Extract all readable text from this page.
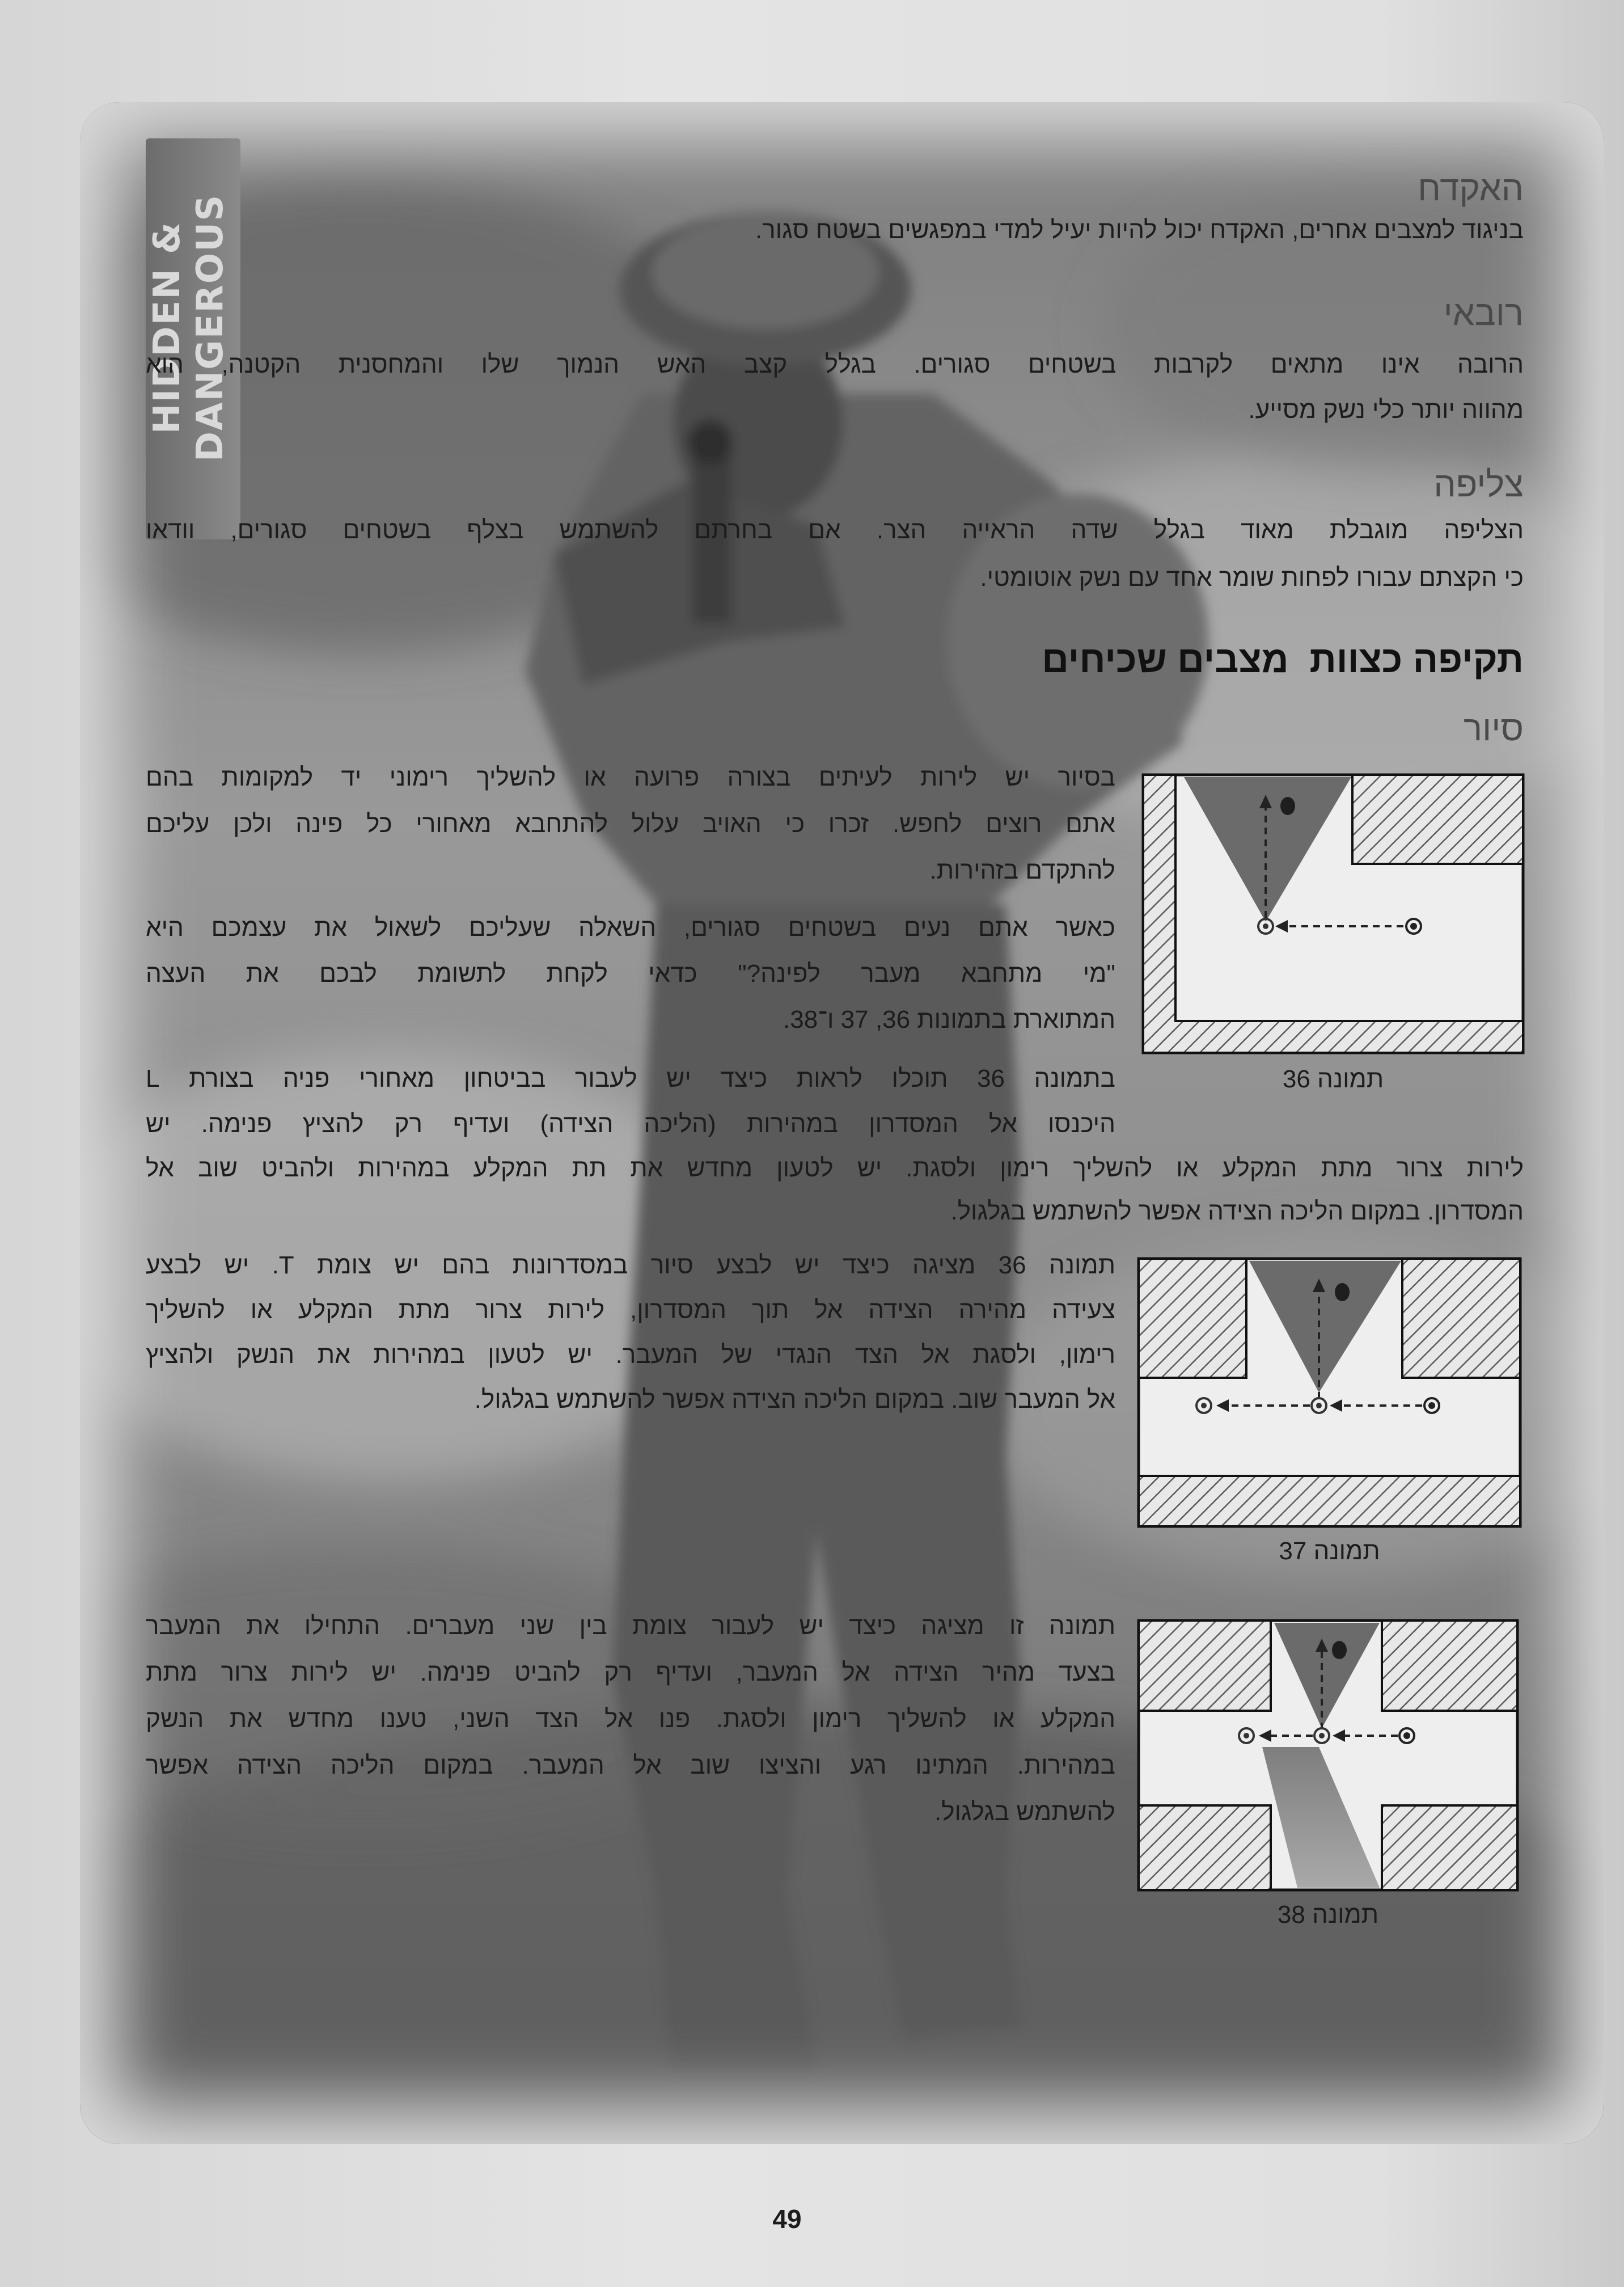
HIDDEN & DANGEROUS
האקדח
בניגוד למצבים אחרים, האקדח יכול להיות יעיל למדי במפגשים בשטח סגור.
רובאי
הרובה אינו מתאים לקרבות בשטחים סגורים. בגלל קצב האש הנמוך שלו והמחסנית הקטנה, הוא
מהווה יותר כלי נשק מסייע.
צליפה
הצליפה מוגבלת מאוד בגלל שדה הראייה הצר. אם בחרתם להשתמש בצלף בשטחים סגורים, וודאו
כי הקצתם עבורו לפחות שומר אחד עם נשק אוטומטי.
תקיפה כצוות  מצבים שכיחים
סיור
בסיור יש לירות לעיתים בצורה פרועה או להשליך רימוני יד למקומות בהם
אתם רוצים לחפש. זכרו כי האויב עלול להתחבא מאחורי כל פינה ולכן עליכם
להתקדם בזהירות.
כאשר אתם נעים בשטחים סגורים, השאלה שעליכם לשאול את עצמכם היא
"מי מתחבא מעבר לפינה?" כדאי לקחת לתשומת לבכם את העצה
המתוארת בתמונות 36, 37 ו־38.
בתמונה 36 תוכלו לראות כיצד יש לעבור בביטחון מאחורי פניה בצורת L
היכנסו אל המסדרון במהירות (הליכה הצידה) ועדיף רק להציץ פנימה. יש
לירות צרור מתת המקלע או להשליך רימון ולסגת. יש לטעון מחדש את תת המקלע במהירות ולהביט שוב אל
המסדרון. במקום הליכה הצידה אפשר להשתמש בגלגול.
תמונה 36 מציגה כיצד יש לבצע סיור במסדרונות בהם יש צומת T. יש לבצע
צעידה מהירה הצידה אל תוך המסדרון, לירות צרור מתת המקלע או להשליך
רימון, ולסגת אל הצד הנגדי של המעבר. יש לטעון במהירות את הנשק ולהציץ
אל המעבר שוב. במקום הליכה הצידה אפשר להשתמש בגלגול.
תמונה זו מציגה כיצד יש לעבור צומת בין שני מעברים. התחילו את המעבר
בצעד מהיר הצידה אל המעבר, ועדיף רק להביט פנימה. יש לירות צרור מתת
המקלע או להשליך רימון ולסגת. פנו אל הצד השני, טענו מחדש את הנשק
במהירות. המתינו רגע והציצו שוב אל המעבר. במקום הליכה הצידה אפשר
להשתמש בגלגול.
תמונה 36
תמונה 37
תמונה 38
49
